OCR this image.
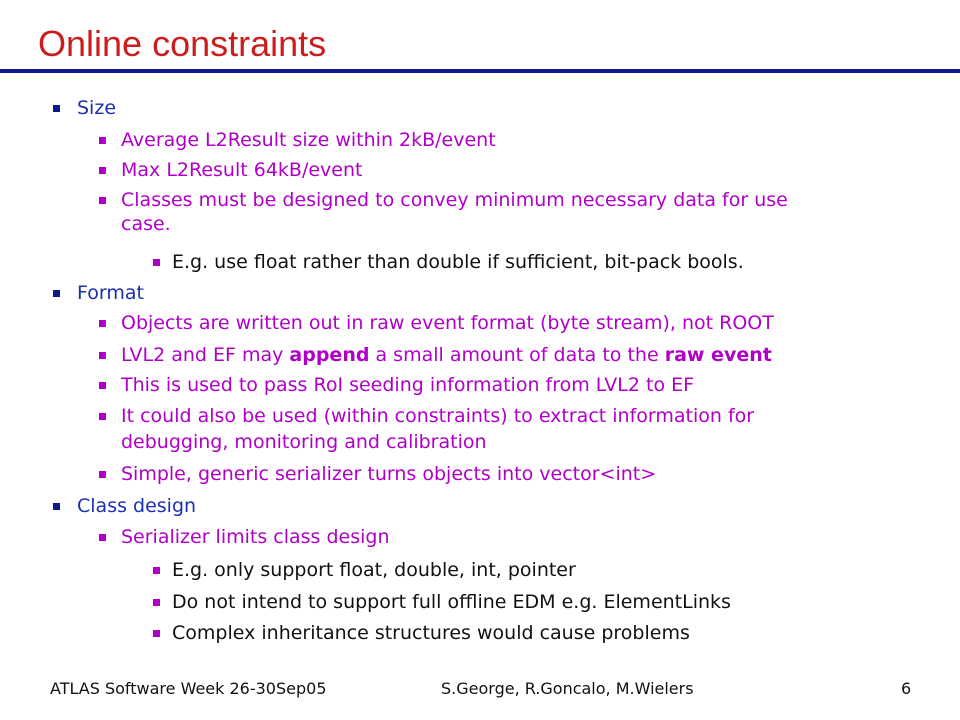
Online constraints
Size
Average L2Result size within 2kB/event
Max L2Result 64kB/event
Classes must be designed to convey minimum necessary data for use
case.
E.g. use float rather than double if sufficient, bit-pack bools.
Format
Objects are written out in raw event format (byte stream), not ROOT
LVL2 and EF may append a small amount of data to the raw event
This is used to pass RoI seeding information from LVL2 to EF
It could also be used (within constraints) to extract information for
debugging, monitoring and calibration
Simple, generic serializer turns objects into vector<int>
Class design
Serializer limits class design
E.g. only support float, double, int, pointer
Do not intend to support full offline EDM e.g. ElementLinks
Complex inheritance structures would cause problems
ATLAS Software Week 26-30Sep05	S.George, R.Goncalo, M.Wielers	6
